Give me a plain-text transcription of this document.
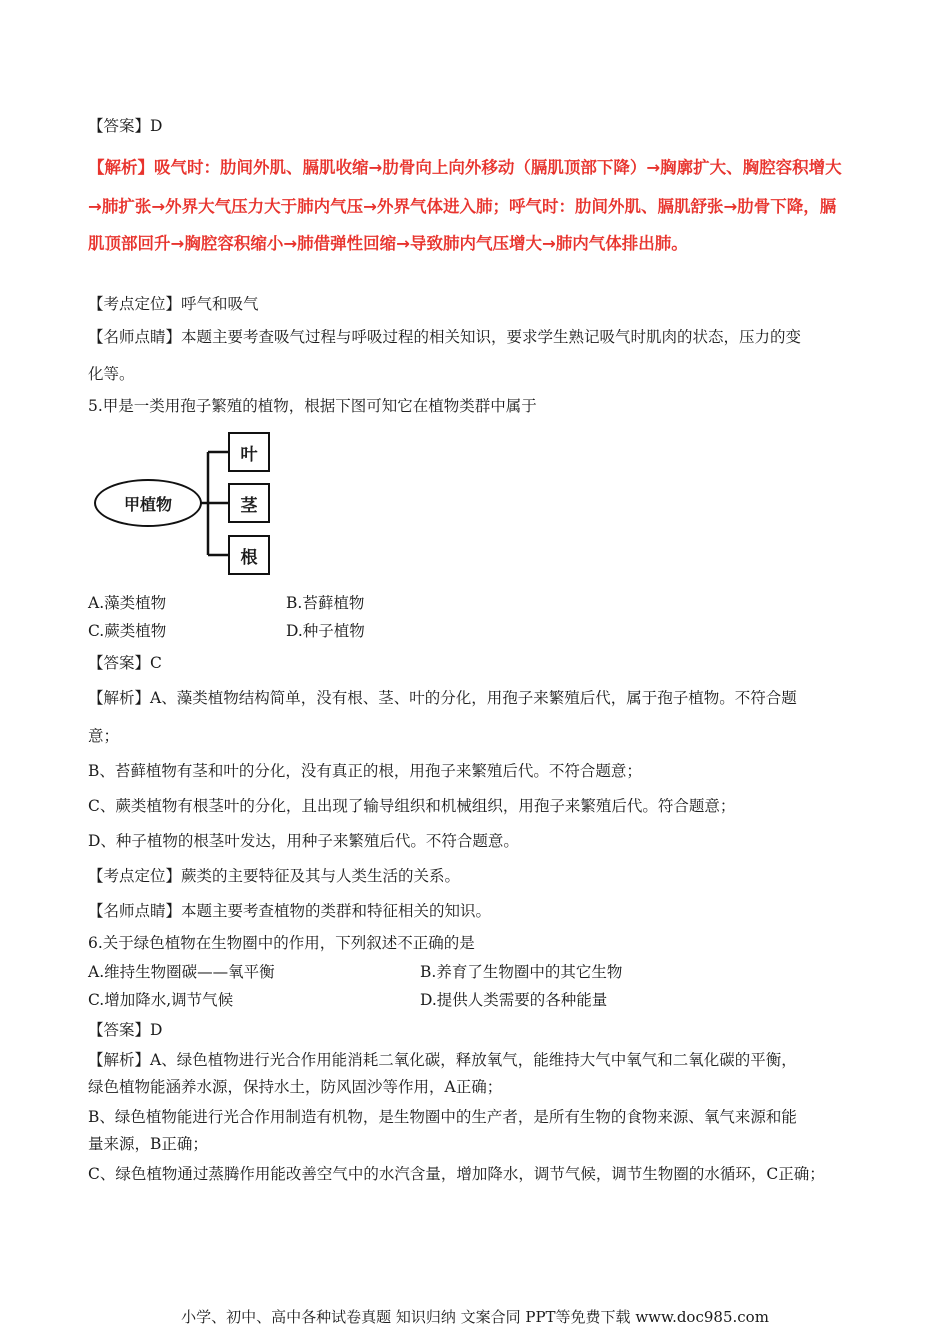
【答案】D
【解析】吸气时：肋间外肌、膈肌收缩→肋骨向上向外移动（膈肌顶部下降）→胸廓扩大、胸腔容积增大
→肺扩张→外界大气压力大于肺内气压→外界气体进入肺；呼气时：肋间外肌、膈肌舒张→肋骨下降，膈
肌顶部回升→胸腔容积缩小→肺借弹性回缩→导致肺内气压增大→肺内气体排出肺。
【考点定位】呼气和吸气
【名师点睛】本题主要考查吸气过程与呼吸过程的相关知识，要求学生熟记吸气时肌肉的状态，压力的变
化等。
5.甲是一类用孢子繁殖的植物，根据下图可知它在植物类群中属于
甲植物
叶
茎
根
A.藻类植物	B.苔藓植物
C.蕨类植物	D.种子植物
【答案】C
【解析】A、藻类植物结构简单，没有根、茎、叶的分化，用孢子来繁殖后代，属于孢子植物。不符合题
意；
B、苔藓植物有茎和叶的分化，没有真正的根，用孢子来繁殖后代。不符合题意；
C、蕨类植物有根茎叶的分化，且出现了输导组织和机械组织，用孢子来繁殖后代。符合题意；
D、种子植物的根茎叶发达，用种子来繁殖后代。不符合题意。
【考点定位】蕨类的主要特征及其与人类生活的关系。
【名师点睛】本题主要考查植物的类群和特征相关的知识。
6.关于绿色植物在生物圈中的作用，下列叙述不正确的是
A.维持生物圈碳——氧平衡	B.养育了生物圈中的其它生物
C.增加降水,调节气候	D.提供人类需要的各种能量
【答案】D
【解析】A、绿色植物进行光合作用能消耗二氧化碳，释放氧气，能维持大气中氧气和二氧化碳的平衡，
绿色植物能涵养水源，保持水土，防风固沙等作用，A正确；
B、绿色植物能进行光合作用制造有机物，是生物圈中的生产者，是所有生物的食物来源、氧气来源和能
量来源，B正确；
C、绿色植物通过蒸腾作用能改善空气中的水汽含量，增加降水，调节气候，调节生物圈的水循环，C正确；
小学、初中、高中各种试卷真题 知识归纳 文案合同 PPT等免费下载 www.doc985.com
